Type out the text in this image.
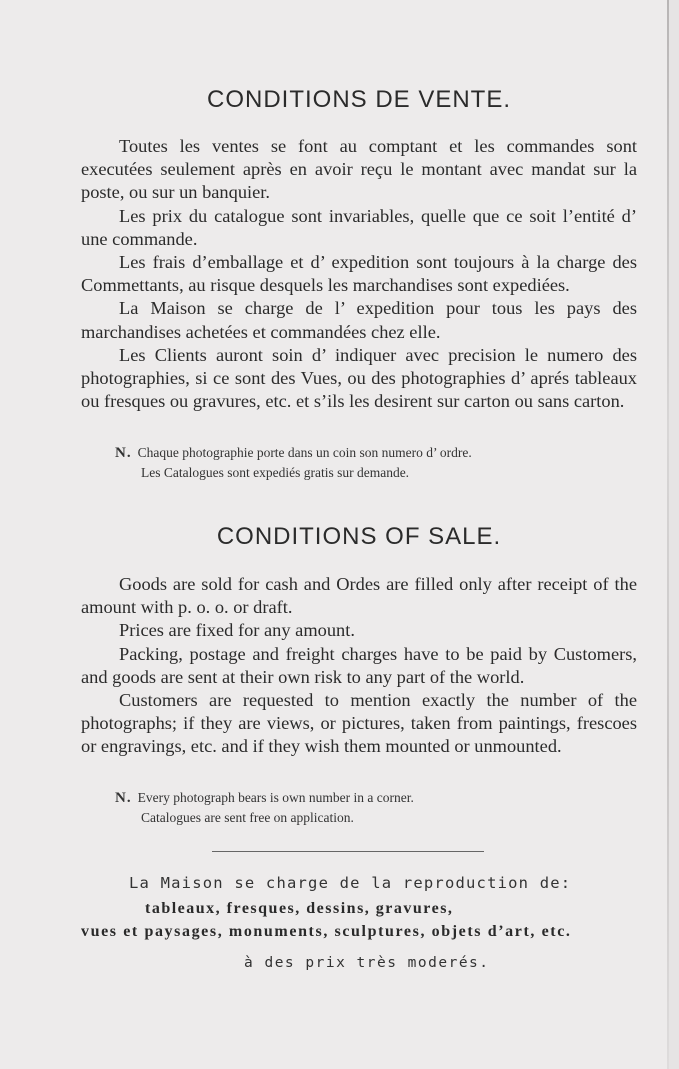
CONDITIONS DE VENTE.

Toutes les ventes se font au comptant et les commandes sont executées seulement après en avoir reçu le montant avec mandat sur la poste, ou sur un banquier.

Les prix du catalogue sont invariables, quelle que ce soit l’entité d’ une commande.

Les frais d’emballage et d’ expedition sont toujours à la charge des Commettants, au risque desquels les marchandises sont expediées.

La Maison se charge de l’ expedition pour tous les pays des marchandises achetées et commandées chez elle.

Les Clients auront soin d’ indiquer avec precision le numero des photographies, si ce sont des Vues, ou des photographies d’ aprés tableaux ou fresques ou gravures, etc. et s’ils les desirent sur carton ou sans carton.

N. Chaque photographie porte dans un coin son numero d’ ordre.
Les Catalogues sont expediés gratis sur demande.
CONDITIONS OF SALE.

Goods are sold for cash and Ordes are filled only after receipt of the amount with p. o. o. or draft.

Prices are fixed for any amount.

Packing, postage and freight charges have to be paid by Customers, and goods are sent at their own risk to any part of the world.

Customers are requested to mention exactly the number of the photographs; if they are views, or pictures, taken from paintings, frescoes or engravings, etc. and if they wish them mounted or unmounted.

N. Every photograph bears is own number in a corner.
Catalogues are sent free on application.
La Maison se charge de la reproduction de:
tableaux, fresques, dessins, gravures,
vues et paysages, monuments, sculptures, objets d’art, etc.
à des prix très moderés.
